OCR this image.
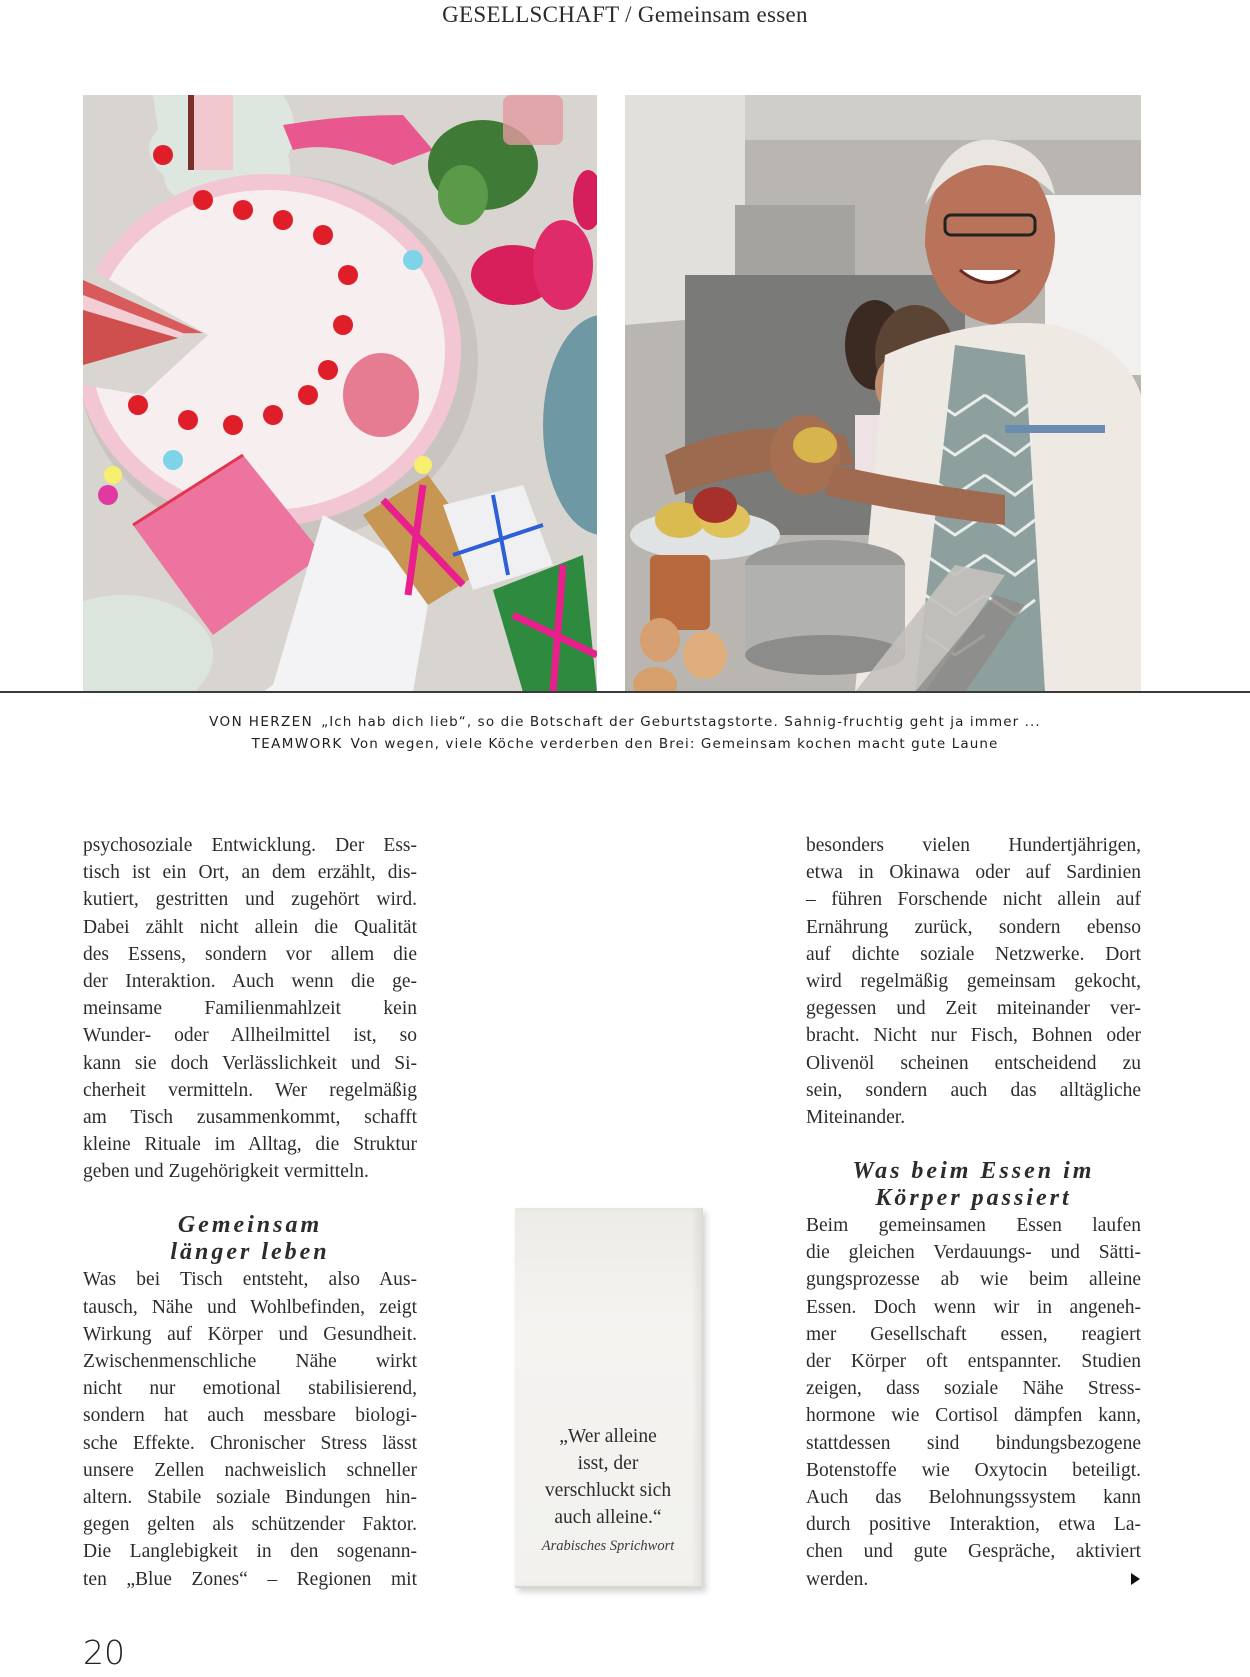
GESELLSCHAFT / Gemeinsam essen
VON HERZEN „Ich hab dich lieb“, so die Botschaft der Geburtstagstorte. Sahnig-fruchtig geht ja immer ...
TEAMWORK Von wegen, viele Köche verderben den Brei: Gemeinsam kochen macht gute Laune

psychosoziale Entwicklung. Der Ess-
tisch ist ein Ort, an dem erzählt, dis-
kutiert, gestritten und zugehört wird.
Dabei zählt nicht allein die Qualität
des Essens, sondern vor allem die
der Interaktion. Auch wenn die ge-
meinsame Familienmahlzeit kein
Wunder- oder Allheilmittel ist, so
kann sie doch Verlässlichkeit und Si-
cherheit vermitteln. Wer regelmäßig
am Tisch zusammenkommt, schafft
kleine Rituale im Alltag, die Struktur
geben und Zugehörigkeit vermitteln.

Gemeinsam
länger leben

Was bei Tisch entsteht, also Aus-
tausch, Nähe und Wohlbefinden, zeigt
Wirkung auf Körper und Gesundheit.
Zwischenmenschliche Nähe wirkt
nicht nur emotional stabilisierend,
sondern hat auch messbare biologi-
sche Effekte. Chronischer Stress lässt
unsere Zellen nachweislich schneller
altern. Stabile soziale Bindungen hin-
gegen gelten als schützender Faktor.
Die Langlebigkeit in den sogenann-
ten „Blue Zones“ – Regionen mit

„Wer alleine
isst, der
verschluckt sich
auch alleine.“
Arabisches Sprichwort

besonders vielen Hundertjährigen,
etwa in Okinawa oder auf Sardinien
– führen Forschende nicht allein auf
Ernährung zurück, sondern ebenso
auf dichte soziale Netzwerke. Dort
wird regelmäßig gemeinsam gekocht,
gegessen und Zeit miteinander ver-
bracht. Nicht nur Fisch, Bohnen oder
Olivenöl scheinen entscheidend zu
sein, sondern auch das alltägliche
Miteinander.

Was beim Essen im
Körper passiert

Beim gemeinsamen Essen laufen
die gleichen Verdauungs- und Sätti-
gungsprozesse ab wie beim alleine
Essen. Doch wenn wir in angeneh-
mer Gesellschaft essen, reagiert
der Körper oft entspannter. Studien
zeigen, dass soziale Nähe Stress-
hormone wie Cortisol dämpfen kann,
stattdessen sind bindungsbezogene
Botenstoffe wie Oxytocin beteiligt.
Auch das Belohnungssystem kann
durch positive Interaktion, etwa La-
chen und gute Gespräche, aktiviert
werden.

20
